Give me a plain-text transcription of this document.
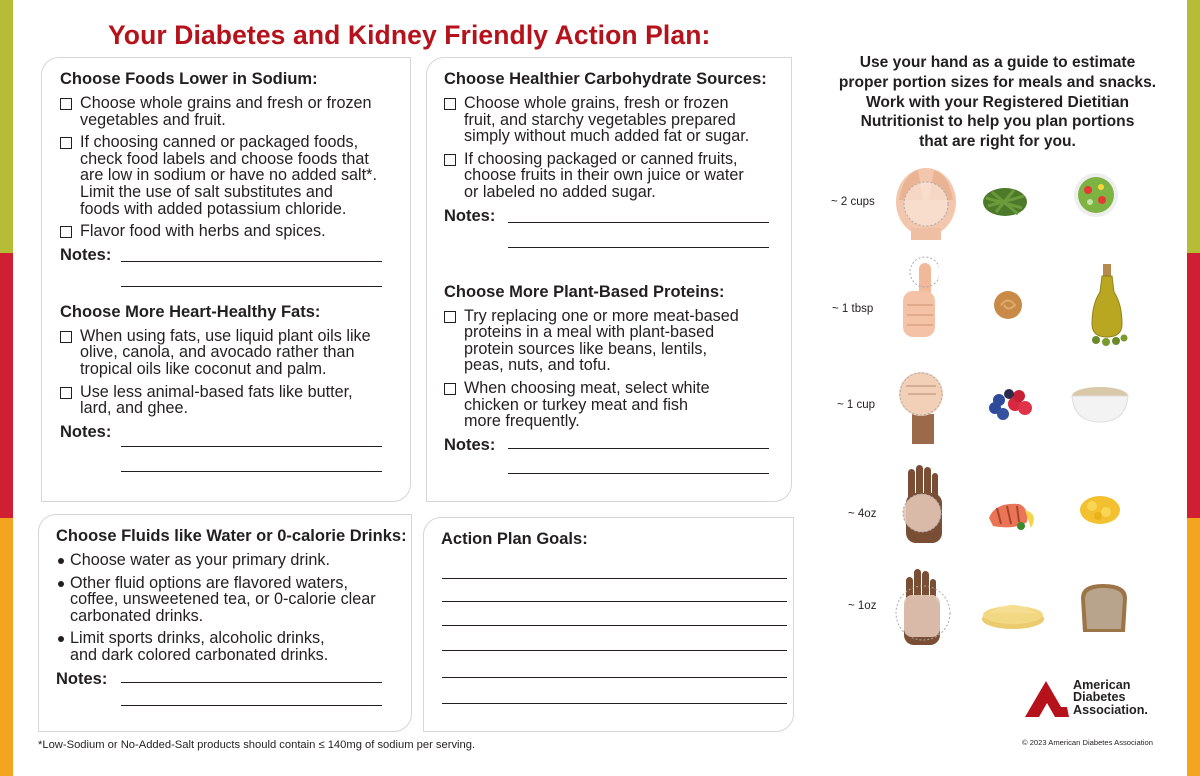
Your Diabetes and Kidney Friendly Action Plan:
Choose Foods Lower in Sodium:
Choose whole grains and fresh or frozen
vegetables and fruit.
If choosing canned or packaged foods,
check food labels and choose foods that
are low in sodium or have no added salt*.
Limit the use of salt substitutes and
foods with added potassium chloride.
Flavor food with herbs and spices.
Notes:
Choose More Heart-Healthy Fats:
When using fats, use liquid plant oils like
olive, canola, and avocado rather than
tropical oils like coconut and palm.
Use less animal-based fats like butter,
lard, and ghee.
Notes:
Choose Healthier Carbohydrate Sources:
Choose whole grains, fresh or frozen
fruit, and starchy vegetables prepared
simply without much added fat or sugar.
If choosing packaged or canned fruits,
choose fruits in their own juice or water
or labeled no added sugar.
Notes:
Choose More Plant-Based Proteins:
Try replacing one or more meat-based
proteins in a meal with plant-based
protein sources like beans, lentils,
peas, nuts, and tofu.
When choosing meat, select white
chicken or turkey meat and fish
more frequently.
Notes:
Choose Fluids like Water or 0-calorie Drinks:
Choose water as your primary drink.
Other fluid options are flavored waters,
coffee, unsweetened tea, or 0-calorie clear
carbonated drinks.
Limit sports drinks, alcoholic drinks,
and dark colored carbonated drinks.
Notes:
Action Plan Goals:
Use your hand as a guide to estimate
proper portion sizes for meals and snacks.
Work with your Registered Dietitian
Nutritionist to help you plan portions
that are right for you.
~ 2 cups
~ 1 tbsp
~ 1 cup
~ 4oz
~ 1oz
*Low-Sodium or No-Added-Salt products should contain ≤ 140mg of sodium per serving.
American
Diabetes
Association.
© 2023 American Diabetes Association
